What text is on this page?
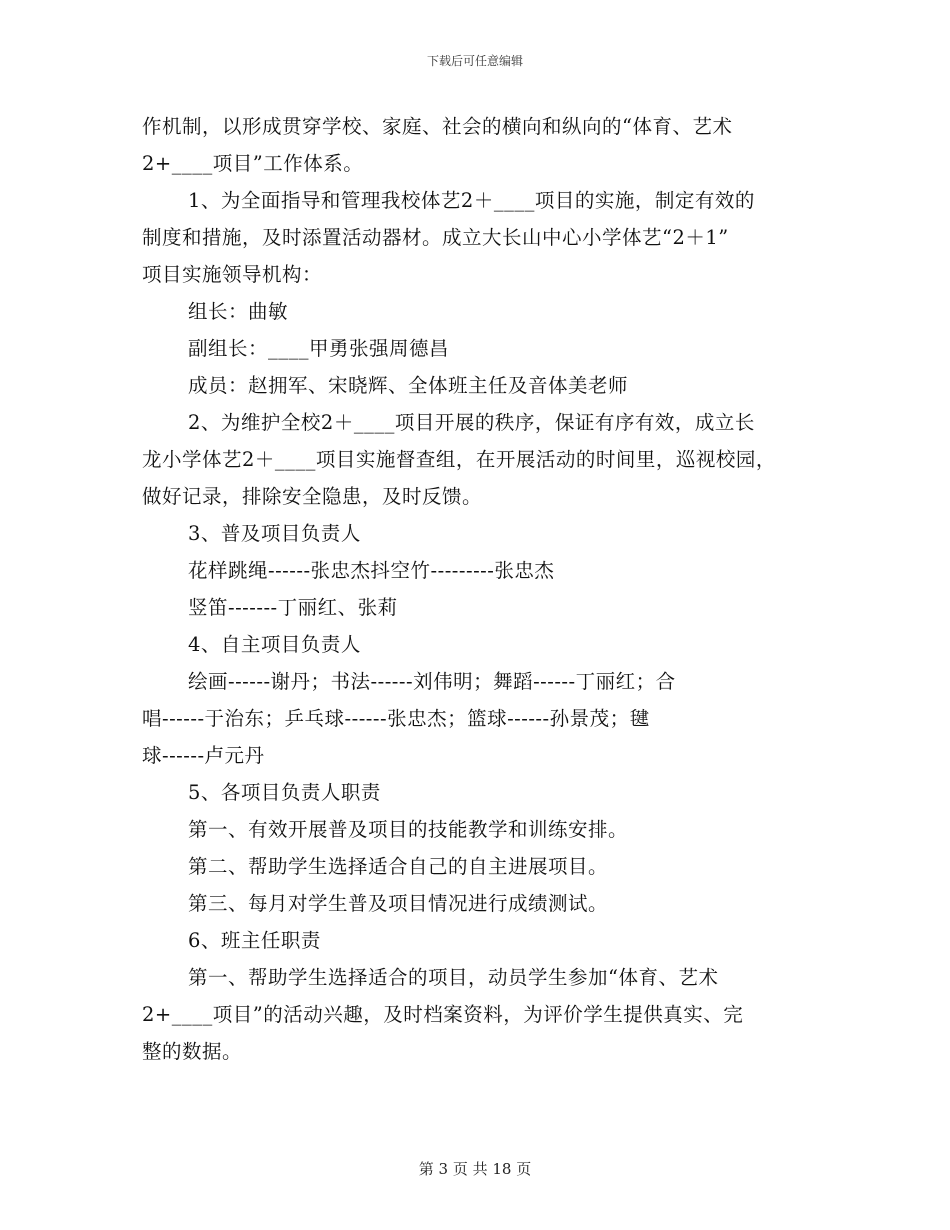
下载后可任意编辑

作机制，以形成贯穿学校、家庭、社会的横向和纵向的“体育、艺术

2+____项目”工作体系。

1、为全面指导和管理我校体艺2＋____项目的实施，制定有效的

制度和措施，及时添置活动器材。成立大长山中心小学体艺“2＋1”

项目实施领导机构：

组长：曲敏

副组长：____甲勇张强周德昌

成员：赵拥军、宋晓辉、全体班主任及音体美老师

2、为维护全校2＋____项目开展的秩序，保证有序有效，成立长

龙小学体艺2＋____项目实施督查组，在开展活动的时间里，巡视校园，

做好记录，排除安全隐患，及时反馈。

3、普及项目负责人

花样跳绳------张忠杰抖空竹---------张忠杰

竖笛-------丁丽红、张莉

4、自主项目负责人

绘画------谢丹；书法------刘伟明；舞蹈------丁丽红；合

唱------于治东；乒乓球------张忠杰；篮球------孙景茂；毽

球------卢元丹

5、各项目负责人职责

第一、有效开展普及项目的技能教学和训练安排。

第二、帮助学生选择适合自己的自主进展项目。

第三、每月对学生普及项目情况进行成绩测试。

6、班主任职责

第一、帮助学生选择适合的项目，动员学生参加“体育、艺术

2+____项目”的活动兴趣，及时档案资料，为评价学生提供真实、完

整的数据。

第 3 页 共 18 页
